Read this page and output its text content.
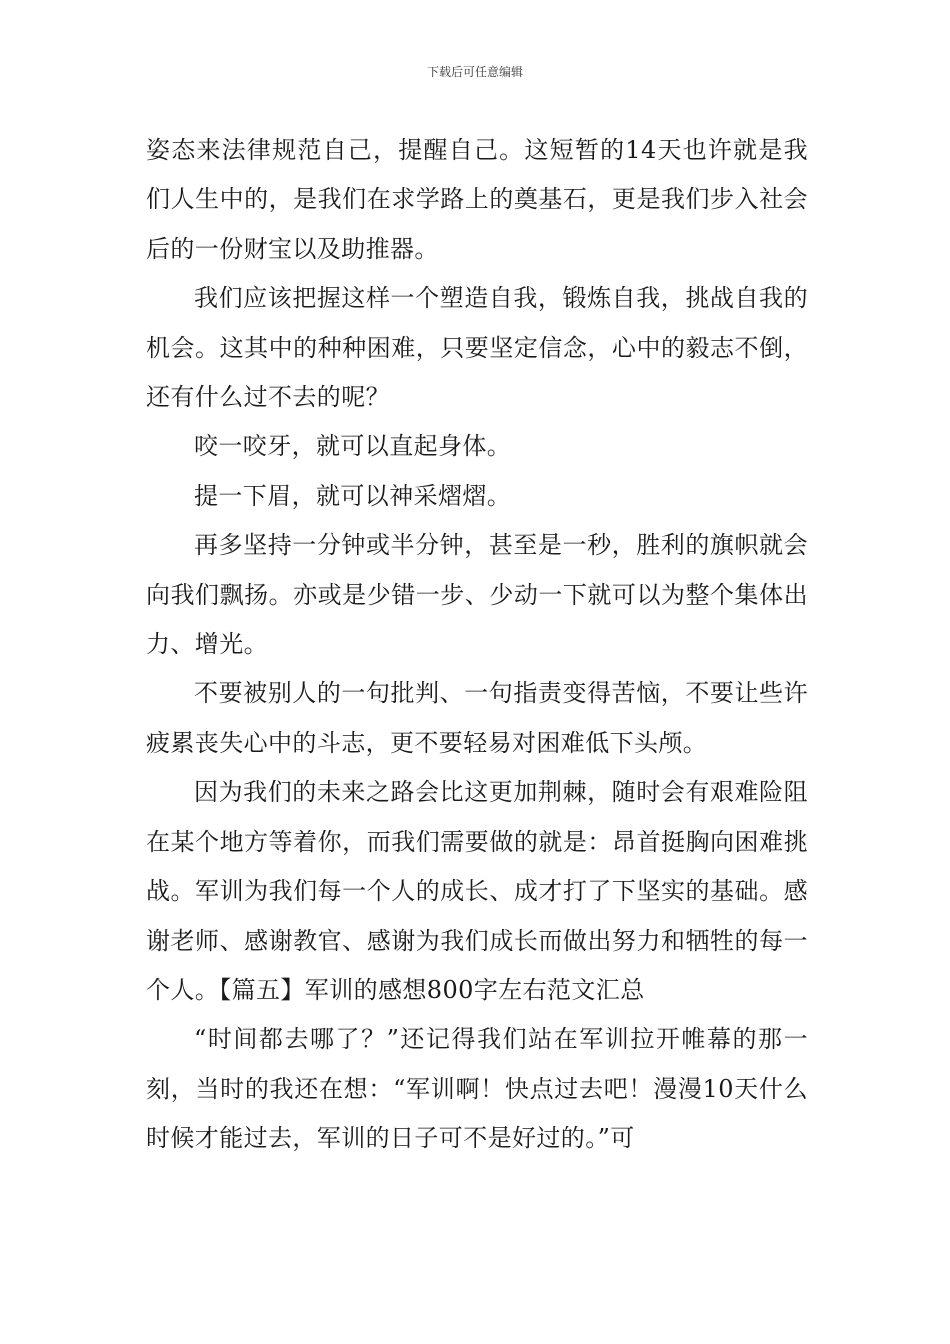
下载后可任意编辑

姿态来法律规范自己，提醒自己。这短暂的14天也许就是我们人生中的，是我们在求学路上的奠基石，更是我们步入社会后的一份财宝以及助推器。

我们应该把握这样一个塑造自我，锻炼自我，挑战自我的机会。这其中的种种困难，只要坚定信念，心中的毅志不倒，还有什么过不去的呢？

咬一咬牙，就可以直起身体。

提一下眉，就可以神采熠熠。

再多坚持一分钟或半分钟，甚至是一秒，胜利的旗帜就会向我们飘扬。亦或是少错一步、少动一下就可以为整个集体出力、增光。

不要被别人的一句批判、一句指责变得苦恼，不要让些许疲累丧失心中的斗志，更不要轻易对困难低下头颅。

因为我们的未来之路会比这更加荆棘，随时会有艰难险阻在某个地方等着你，而我们需要做的就是：昂首挺胸向困难挑战。军训为我们每一个人的成长、成才打了下坚实的基础。感谢老师、感谢教官、感谢为我们成长而做出努力和牺牲的每一个人。【篇五】军训的感想800字左右范文汇总

“时间都去哪了？”还记得我们站在军训拉开帷幕的那一刻，当时的我还在想：“军训啊！快点过去吧！漫漫10天什么时候才能过去，军训的日子可不是好过的。”可
